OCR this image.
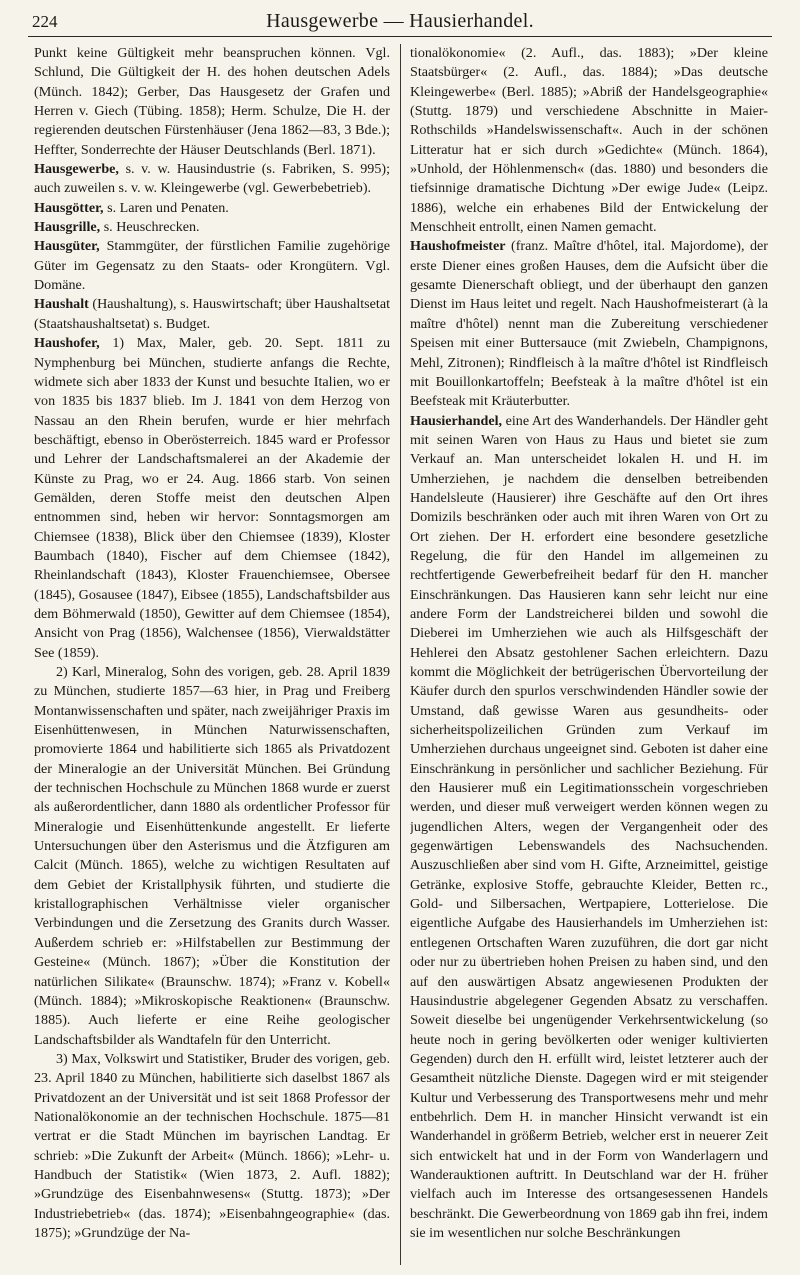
224	Hausgewerbe — Hausierhandel.

Punkt keine Gültigkeit mehr beanspruchen können. Vgl. Schlund, Die Gültigkeit der H. des hohen deutschen Adels (Münch. 1842); Gerber, Das Hausgesetz der Grafen und Herren v. Giech (Tübing. 1858); Herm. Schulze, Die H. der regierenden deutschen Fürstenhäuser (Jena 1862—83, 3 Bde.); Heffter, Sonderrechte der Häuser Deutschlands (Berl. 1871).

Hausgewerbe, s. v. w. Hausindustrie (s. Fabriken, S. 995); auch zuweilen s. v. w. Kleingewerbe (vgl. Gewerbebetrieb).

Hausgötter, s. Laren und Penaten.

Hausgrille, s. Heuschrecken.

Hausgüter, Stammgüter, der fürstlichen Familie zugehörige Güter im Gegensatz zu den Staats- oder Krongütern. Vgl. Domäne.

Haushalt (Haushaltung), s. Hauswirtschaft; über Haushaltsetat (Staatshaushaltsetat) s. Budget.

Haushofer, 1) Max, Maler, geb. 20. Sept. 1811 zu Nymphenburg bei München, studierte anfangs die Rechte, widmete sich aber 1833 der Kunst und besuchte Italien, wo er von 1835 bis 1837 blieb. Im J. 1841 von dem Herzog von Nassau an den Rhein berufen, wurde er hier mehrfach beschäftigt, ebenso in Oberösterreich. 1845 ward er Professor und Lehrer der Landschaftsmalerei an der Akademie der Künste zu Prag, wo er 24. Aug. 1866 starb. Von seinen Gemälden, deren Stoffe meist den deutschen Alpen entnommen sind, heben wir hervor: Sonntagsmorgen am Chiemsee (1838), Blick über den Chiemsee (1839), Kloster Baumbach (1840), Fischer auf dem Chiemsee (1842), Rheinlandschaft (1843), Kloster Frauenchiemsee, Obersee (1845), Gosausee (1847), Eibsee (1855), Landschaftsbilder aus dem Böhmerwald (1850), Gewitter auf dem Chiemsee (1854), Ansicht von Prag (1856), Walchensee (1856), Vierwaldstätter See (1859).

2) Karl, Mineralog, Sohn des vorigen, geb. 28. April 1839 zu München, studierte 1857—63 hier, in Prag und Freiberg Montanwissenschaften und später, nach zweijähriger Praxis im Eisenhüttenwesen, in München Naturwissenschaften, promovierte 1864 und habilitierte sich 1865 als Privatdozent der Mineralogie an der Universität München. Bei Gründung der technischen Hochschule zu München 1868 wurde er zuerst als außerordentlicher, dann 1880 als ordentlicher Professor für Mineralogie und Eisenhüttenkunde angestellt. Er lieferte Untersuchungen über den Asterismus und die Ätzfiguren am Calcit (Münch. 1865), welche zu wichtigen Resultaten auf dem Gebiet der Kristallphysik führten, und studierte die kristallographischen Verhältnisse vieler organischer Verbindungen und die Zersetzung des Granits durch Wasser. Außerdem schrieb er: »Hilfstabellen zur Bestimmung der Gesteine« (Münch. 1867); »Über die Konstitution der natürlichen Silikate« (Braunschw. 1874); »Franz v. Kobell« (Münch. 1884); »Mikroskopische Reaktionen« (Braunschw. 1885). Auch lieferte er eine Reihe geologischer Landschaftsbilder als Wandtafeln für den Unterricht.

3) Max, Volkswirt und Statistiker, Bruder des vorigen, geb. 23. April 1840 zu München, habilitierte sich daselbst 1867 als Privatdozent an der Universität und ist seit 1868 Professor der Nationalökonomie an der technischen Hochschule. 1875—81 vertrat er die Stadt München im bayrischen Landtag. Er schrieb: »Die Zukunft der Arbeit« (Münch. 1866); »Lehr- u. Handbuch der Statistik« (Wien 1873, 2. Aufl. 1882); »Grundzüge des Eisenbahnwesens« (Stuttg. 1873); »Der Industriebetrieb« (das. 1874); »Eisenbahngeographie« (das. 1875); »Grundzüge der Na-

tionalökonomie« (2. Aufl., das. 1883); »Der kleine Staatsbürger« (2. Aufl., das. 1884); »Das deutsche Kleingewerbe« (Berl. 1885); »Abriß der Handelsgeographie« (Stuttg. 1879) und verschiedene Abschnitte in Maier-Rothschilds »Handelswissenschaft«. Auch in der schönen Litteratur hat er sich durch »Gedichte« (Münch. 1864), »Unhold, der Höhlenmensch« (das. 1880) und besonders die tiefsinnige dramatische Dichtung »Der ewige Jude« (Leipz. 1886), welche ein erhabenes Bild der Entwickelung der Menschheit entrollt, einen Namen gemacht.

Haushofmeister (franz. Maître d'hôtel, ital. Majordome), der erste Diener eines großen Hauses, dem die Aufsicht über die gesamte Dienerschaft obliegt, und der überhaupt den ganzen Dienst im Haus leitet und regelt. Nach Haushofmeisterart (à la maître d'hôtel) nennt man die Zubereitung verschiedener Speisen mit einer Buttersauce (mit Zwiebeln, Champignons, Mehl, Zitronen); Rindfleisch à la maître d'hôtel ist Rindfleisch mit Bouillonkartoffeln; Beefsteak à la maître d'hôtel ist ein Beefsteak mit Kräuterbutter.

Hausierhandel, eine Art des Wanderhandels. Der Händler geht mit seinen Waren von Haus zu Haus und bietet sie zum Verkauf an. Man unterscheidet lokalen H. und H. im Umherziehen, je nachdem die denselben betreibenden Handelsleute (Hausierer) ihre Geschäfte auf den Ort ihres Domizils beschränken oder auch mit ihren Waren von Ort zu Ort ziehen. Der H. erfordert eine besondere gesetzliche Regelung, die für den Handel im allgemeinen zu rechtfertigende Gewerbefreiheit bedarf für den H. mancher Einschränkungen. Das Hausieren kann sehr leicht nur eine andere Form der Landstreicherei bilden und sowohl die Dieberei im Umherziehen wie auch als Hilfsgeschäft der Hehlerei den Absatz gestohlener Sachen erleichtern. Dazu kommt die Möglichkeit der betrügerischen Übervorteilung der Käufer durch den spurlos verschwindenden Händler sowie der Umstand, daß gewisse Waren aus gesundheits- oder sicherheitspolizeilichen Gründen zum Verkauf im Umherziehen durchaus ungeeignet sind. Geboten ist daher eine Einschränkung in persönlicher und sachlicher Beziehung. Für den Hausierer muß ein Legitimationsschein vorgeschrieben werden, und dieser muß verweigert werden können wegen zu jugendlichen Alters, wegen der Vergangenheit oder des gegenwärtigen Lebenswandels des Nachsuchenden. Auszuschließen aber sind vom H. Gifte, Arzneimittel, geistige Getränke, explosive Stoffe, gebrauchte Kleider, Betten rc., Gold- und Silbersachen, Wertpapiere, Lotterielose. Die eigentliche Aufgabe des Hausierhandels im Umherziehen ist: entlegenen Ortschaften Waren zuzuführen, die dort gar nicht oder nur zu übertrieben hohen Preisen zu haben sind, und den auf den auswärtigen Absatz angewiesenen Produkten der Hausindustrie abgelegener Gegenden Absatz zu verschaffen. Soweit dieselbe bei ungenügender Verkehrsentwickelung (so heute noch in gering bevölkerten oder weniger kultivierten Gegenden) durch den H. erfüllt wird, leistet letzterer auch der Gesamtheit nützliche Dienste. Dagegen wird er mit steigender Kultur und Verbesserung des Transportwesens mehr und mehr entbehrlich. Dem H. in mancher Hinsicht verwandt ist ein Wanderhandel in größerm Betrieb, welcher erst in neuerer Zeit sich entwickelt hat und in der Form von Wanderlagern und Wanderauktionen auftritt. In Deutschland war der H. früher vielfach auch im Interesse des ortsangesessenen Handels beschränkt. Die Gewerbeordnung von 1869 gab ihn frei, indem sie im wesentlichen nur solche Beschränkungen
